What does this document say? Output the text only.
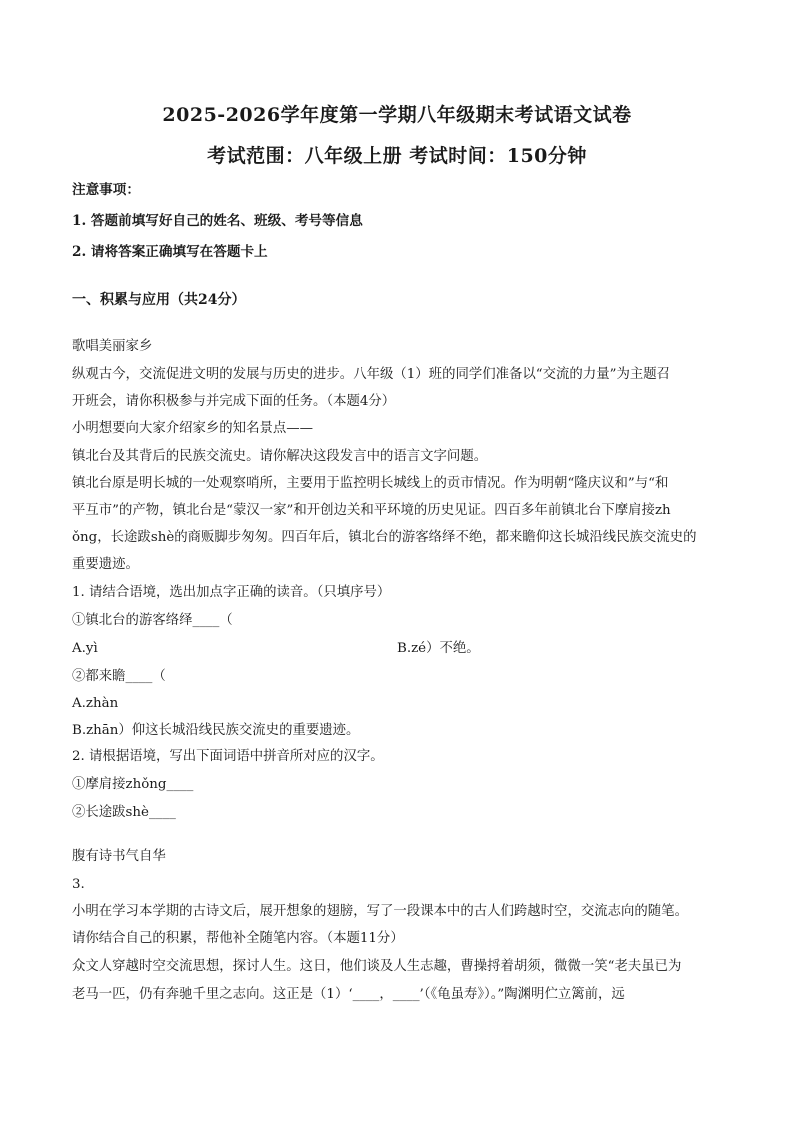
2025-2026学年度第一学期八年级期末考试语文试卷
考试范围：八年级上册 考试时间：150分钟
注意事项：
1. 答题前填写好自己的姓名、班级、考号等信息
2. 请将答案正确填写在答题卡上
一、积累与应用（共24分）
歌唱美丽家乡
纵观古今，交流促进文明的发展与历史的进步。八年级（1）班的同学们准备以“交流的力量”为主题召
开班会，请你积极参与并完成下面的任务。（本题4分）
小明想要向大家介绍家乡的知名景点——
镇北台及其背后的民族交流史。请你解决这段发言中的语言文字问题。
镇北台原是明长城的一处观察哨所，主要用于监控明长城线上的贡市情况。作为明朝“隆庆议和”与“和
平互市”的产物，镇北台是“蒙汉一家”和开创边关和平环境的历史见证。四百多年前镇北台下摩肩接zh
ǒng，长途跋shè的商贩脚步匆匆。四百年后，镇北台的游客络绎不绝，都来瞻仰这长城沿线民族交流史的
重要遗迹。
1. 请结合语境，选出加点字正确的读音。（只填序号）
①镇北台的游客络绎____（
A.yì	B.zé）不绝。
②都来瞻____（
A.zhàn
B.zhān）仰这长城沿线民族交流史的重要遗迹。
2. 请根据语境，写出下面词语中拼音所对应的汉字。
①摩肩接zhǒng____
②长途跋shè____
腹有诗书气自华
3.
小明在学习本学期的古诗文后，展开想象的翅膀，写了一段课本中的古人们跨越时空，交流志向的随笔。
请你结合自己的积累，帮他补全随笔内容。（本题11分）
众文人穿越时空交流思想，探讨人生。这日，他们谈及人生志趣，曹操捋着胡须，微微一笑“老夫虽已为
老马一匹，仍有奔驰千里之志向。这正是（1）‘____，____’（《龟虽寿》）。”陶渊明伫立篱前，远
